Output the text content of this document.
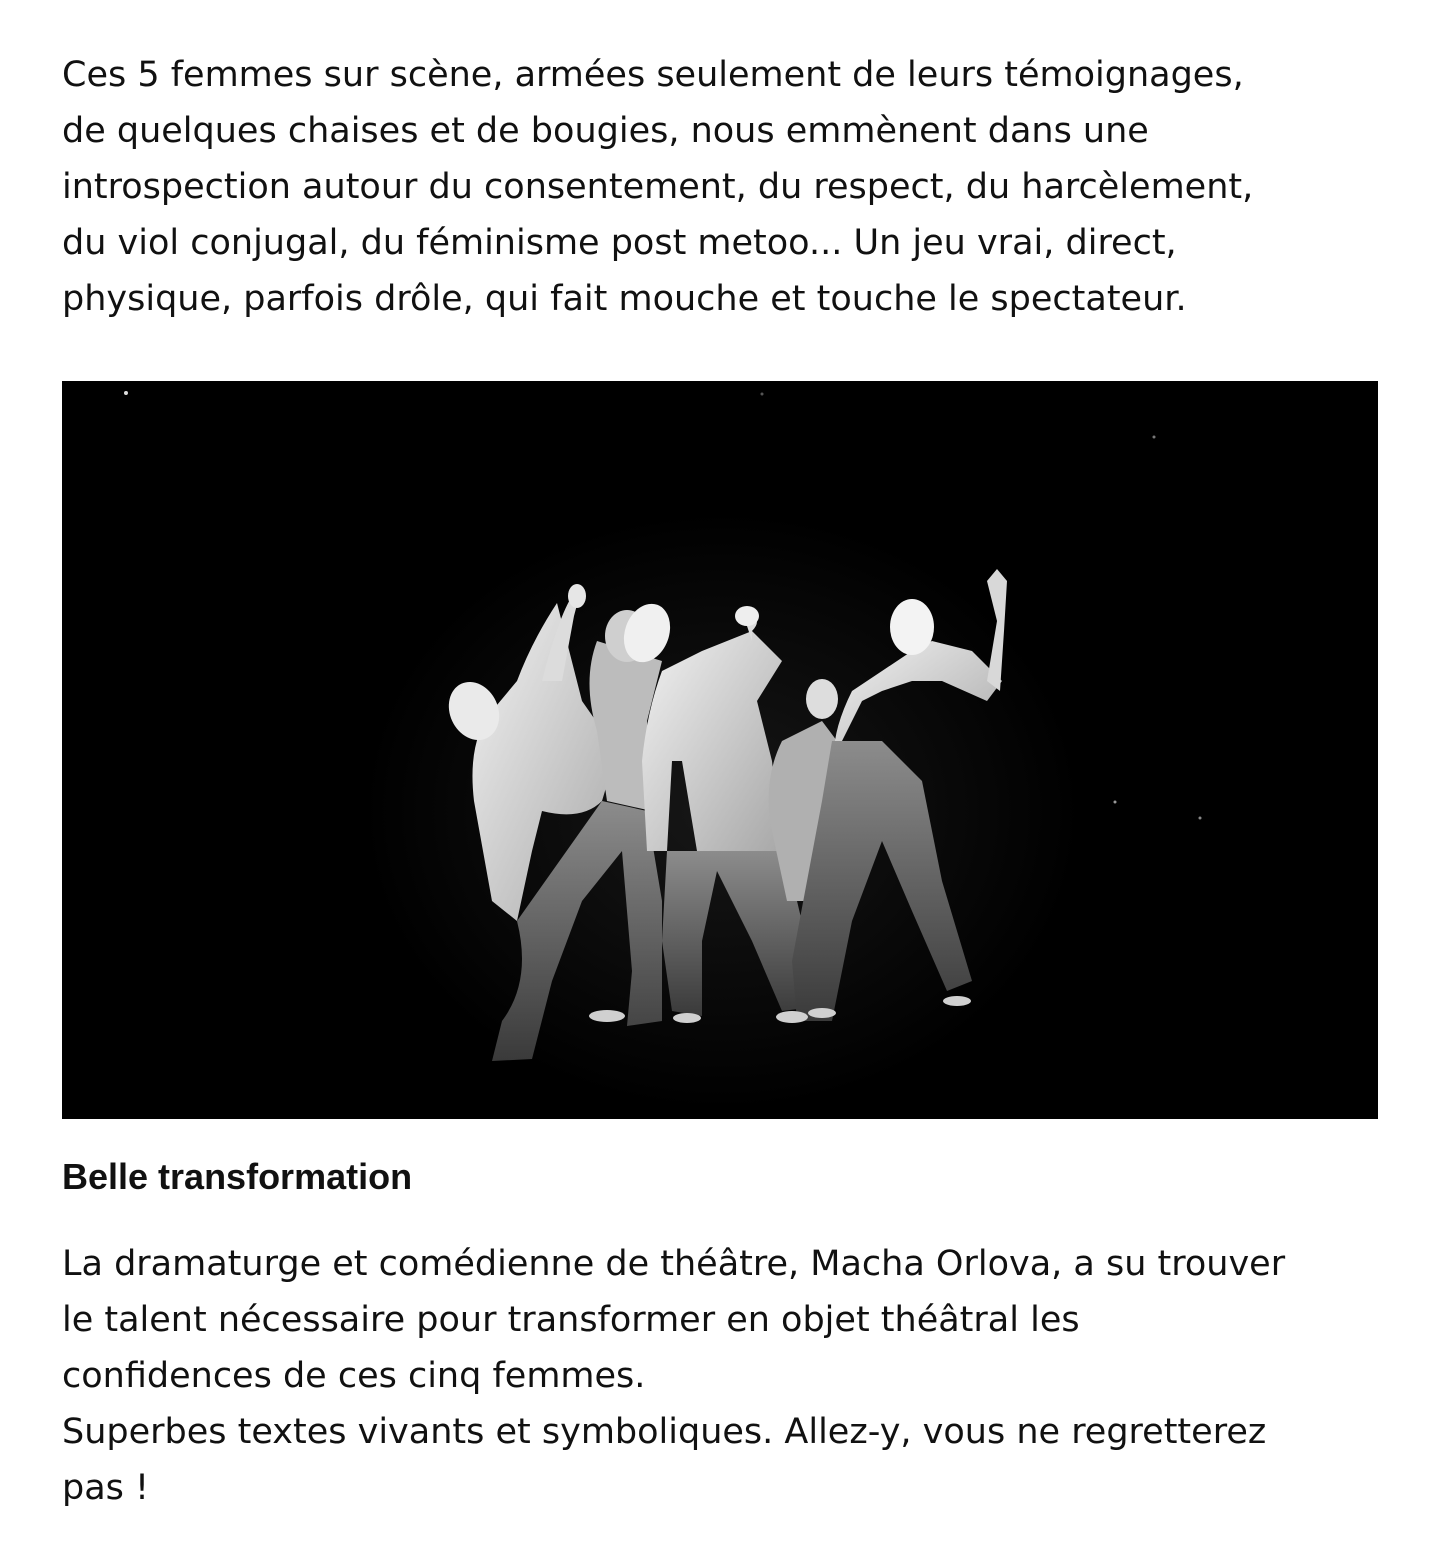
Ces 5 femmes sur scène, armées seulement de leurs témoignages,
de quelques chaises et de bougies, nous emmènent dans une
introspection autour du consentement, du respect, du harcèlement,
du viol conjugal, du féminisme post metoo... Un jeu vrai, direct,
physique, parfois drôle, qui fait mouche et touche le spectateur.

Belle transformation

La dramaturge et comédienne de théâtre, Macha Orlova, a su trouver
le talent nécessaire pour transformer en objet théâtral les
confidences de ces cinq femmes.
Superbes textes vivants et symboliques. Allez-y, vous ne regretterez
pas !
